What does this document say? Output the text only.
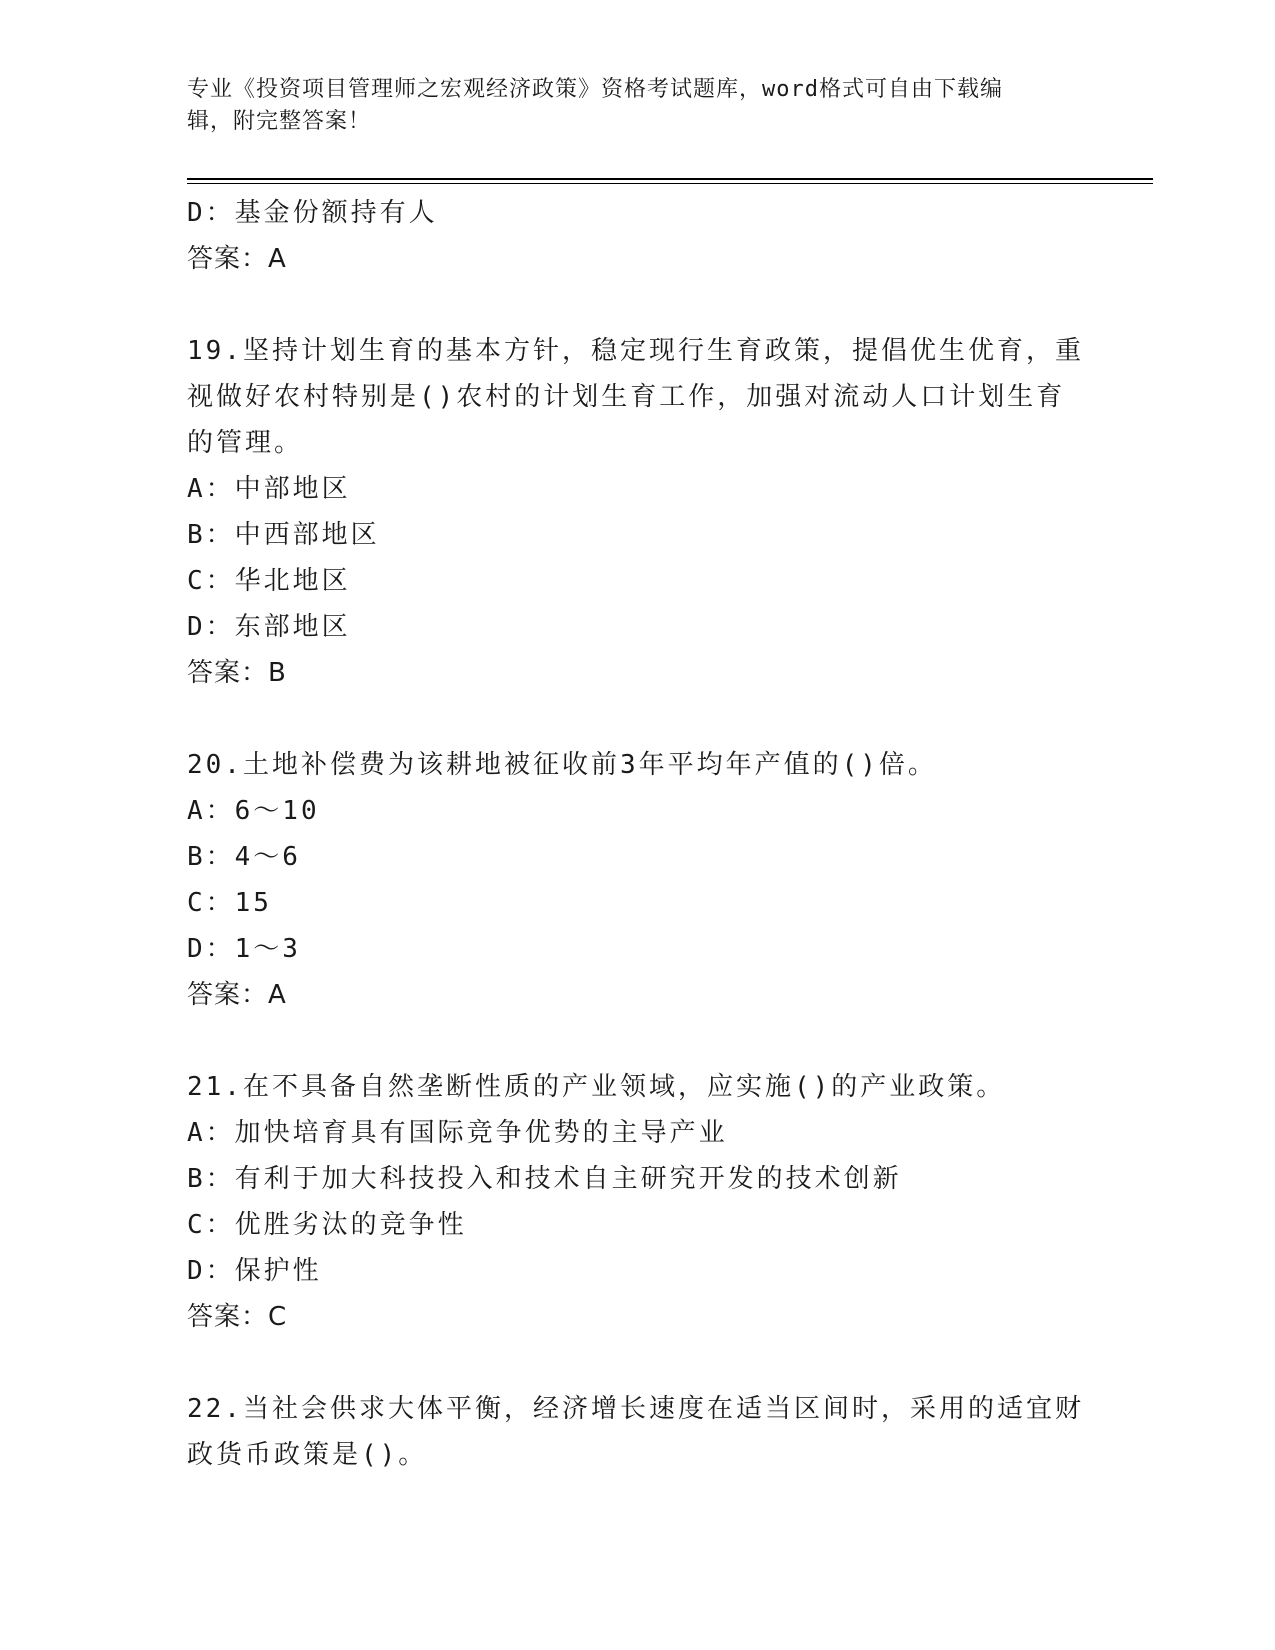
专业《投资项目管理师之宏观经济政策》资格考试题库，word格式可自由下载编
辑，附完整答案！
D：基金份额持有人
答案：A
19.坚持计划生育的基本方针，稳定现行生育政策，提倡优生优育，重
视做好农村特别是()农村的计划生育工作，加强对流动人口计划生育
的管理。
A：中部地区
B：中西部地区
C：华北地区
D：东部地区
答案：B
20.土地补偿费为该耕地被征收前3年平均年产值的()倍。
A：6～10
B：4～6
C：15
D：1～3
答案：A
21.在不具备自然垄断性质的产业领域，应实施()的产业政策。
A：加快培育具有国际竞争优势的主导产业
B：有利于加大科技投入和技术自主研究开发的技术创新
C：优胜劣汰的竞争性
D：保护性
答案：C
22.当社会供求大体平衡，经济增长速度在适当区间时，采用的适宜财
政货币政策是()。
